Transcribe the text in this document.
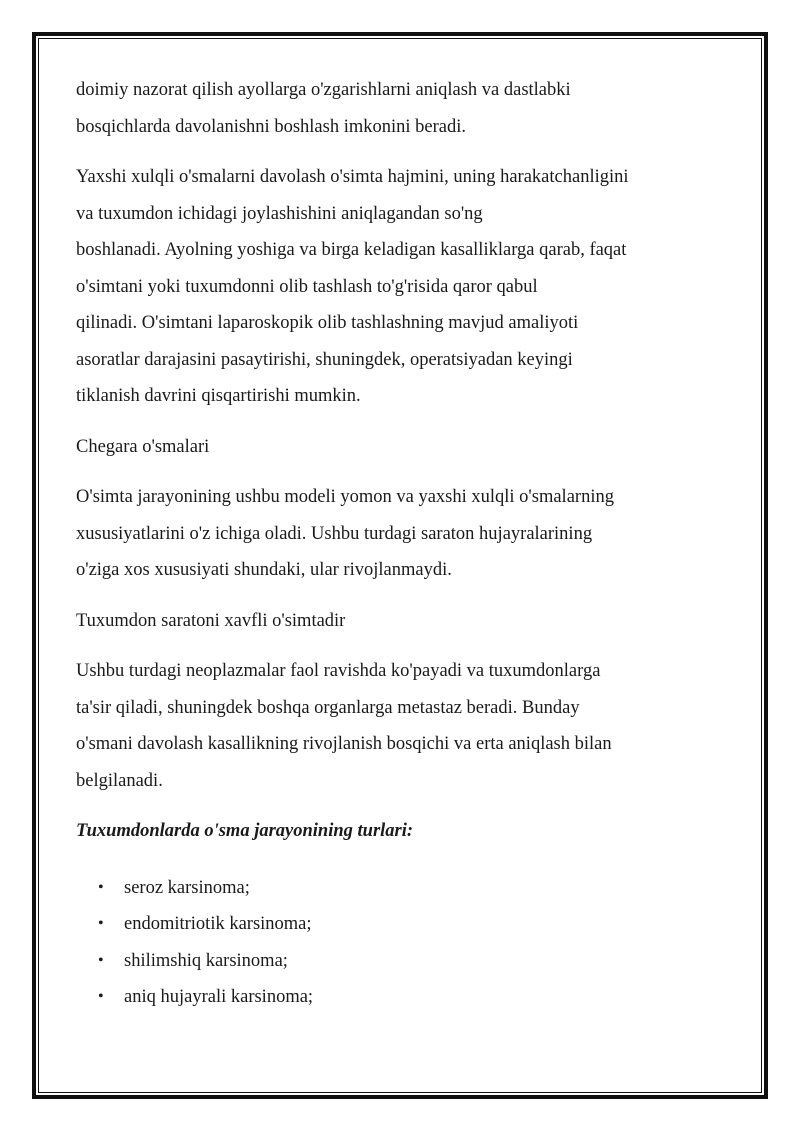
doimiy nazorat qilish ayollarga o'zgarishlarni aniqlash va dastlabki
bosqichlarda davolanishni boshlash imkonini beradi.

Yaxshi xulqli o'smalarni davolash o'simta hajmini, uning harakatchanligini
va tuxumdon ichidagi joylashishini aniqlagandan so'ng
boshlanadi. Ayolning yoshiga va birga keladigan kasalliklarga qarab, faqat
o'simtani yoki tuxumdonni olib tashlash to'g'risida qaror qabul
qilinadi. O'simtani laparoskopik olib tashlashning mavjud amaliyoti
asoratlar darajasini pasaytirishi, shuningdek, operatsiyadan keyingi
tiklanish davrini qisqartirishi mumkin.

Chegara o'smalari

O'simta jarayonining ushbu modeli yomon va yaxshi xulqli o'smalarning
xususiyatlarini o'z ichiga oladi. Ushbu turdagi saraton hujayralarining
o'ziga xos xususiyati shundaki, ular rivojlanmaydi.

Tuxumdon saratoni xavfli o'simtadir

Ushbu turdagi neoplazmalar faol ravishda ko'payadi va tuxumdonlarga
ta'sir qiladi, shuningdek boshqa organlarga metastaz beradi. Bunday
o'smani davolash kasallikning rivojlanish bosqichi va erta aniqlash bilan
belgilanadi.

Tuxumdonlarda o'sma jarayonining turlari:

• seroz karsinoma;
• endomitriotik karsinoma;
• shilimshiq karsinoma;
• aniq hujayrali karsinoma;
